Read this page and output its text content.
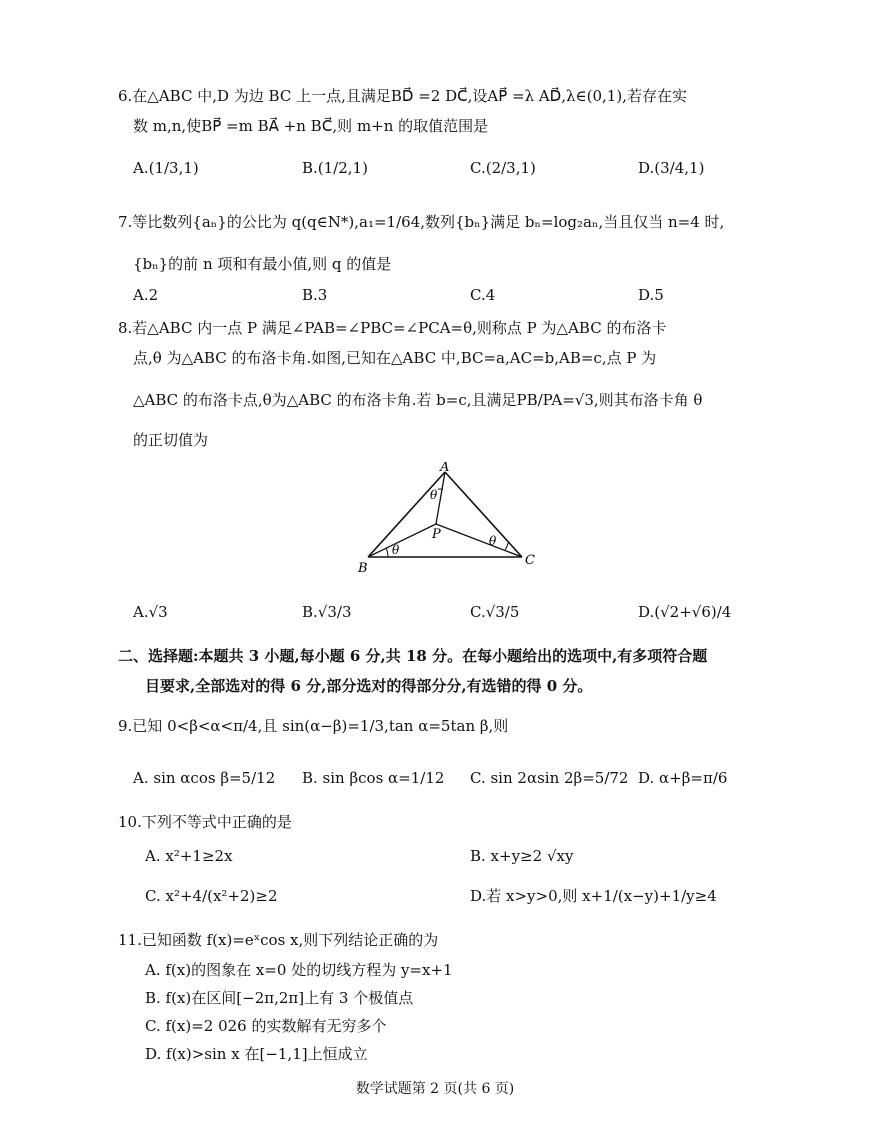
6.在△ABC 中,D 为边 BC 上一点,且满足BD⃗ =2 DC⃗,设AP⃗ =λ AD⃗,λ∈(0,1),若存在实
数 m,n,使BP⃗ =m BA⃗ +n BC⃗,则 m+n 的取值范围是
A.(1/3,1)	B.(1/2,1)	C.(2/3,1)	D.(3/4,1)
7.等比数列{aₙ}的公比为 q(q∈N*),a₁=1/64,数列{bₙ}满足 bₙ=log₂aₙ,当且仅当 n=4 时,
{bₙ}的前 n 项和有最小值,则 q 的值是
A.2	B.3	C.4	D.5
8.若△ABC 内一点 P 满足∠PAB=∠PBC=∠PCA=θ,则称点 P 为△ABC 的布洛卡
点,θ 为△ABC 的布洛卡角.如图,已知在△ABC 中,BC=a,AC=b,AB=c,点 P 为
△ABC 的布洛卡点,θ为△ABC 的布洛卡角.若 b=c,且满足PB/PA=√3,则其布洛卡角 θ
的正切值为
A
B
C
P
θ
θ
θ
A.√3	B.√3/3	C.√3/5	D.(√2+√6)/4
二、选择题:本题共 3 小题,每小题 6 分,共 18 分。在每小题给出的选项中,有多项符合题
目要求,全部选对的得 6 分,部分选对的得部分分,有选错的得 0 分。
9.已知 0<β<α<π/4,且 sin(α−β)=1/3,tan α=5tan β,则
A. sin αcos β=5/12 B. sin βcos α=1/12 C. sin 2αsin 2β=5/72 D. α+β=π/6
10.下列不等式中正确的是
A. x²+1≥2x	B. x+y≥2 √xy
C. x²+4/(x²+2)≥2	D.若 x>y>0,则 x+1/(x−y)+1/y≥4
11.已知函数 f(x)=eˣcos x,则下列结论正确的为
A. f(x)的图象在 x=0 处的切线方程为 y=x+1
B. f(x)在区间[−2π,2π]上有 3 个极值点
C. f(x)=2 026 的实数解有无穷多个
D. f(x)>sin x 在[−1,1]上恒成立
数学试题第 2 页(共 6 页)
